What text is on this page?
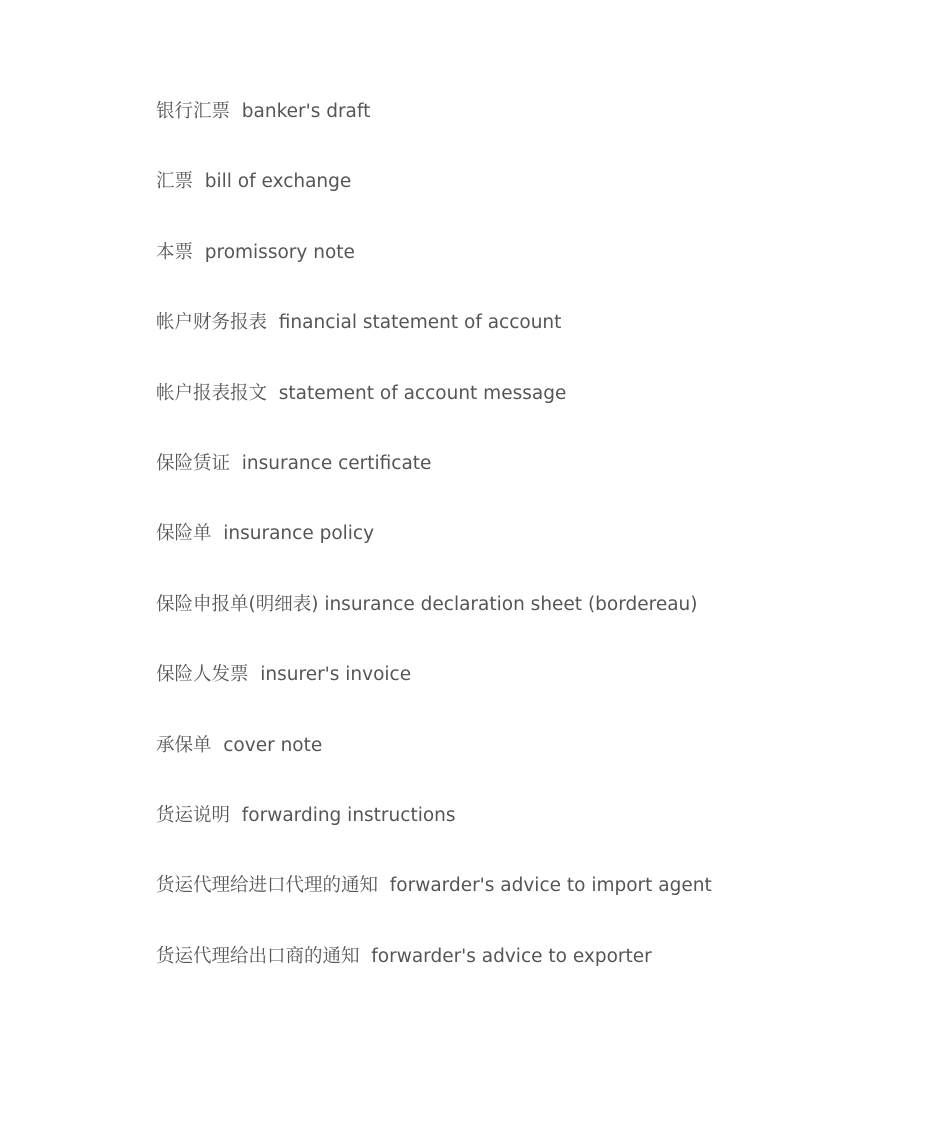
银行汇票  banker's draft
汇票  bill of exchange
本票  promissory note
帐户财务报表  financial statement of account
帐户报表报文  statement of account message
保险赁证  insurance certificate
保险单  insurance policy
保险申报单(明细表) insurance declaration sheet (bordereau)
保险人发票  insurer's invoice
承保单  cover note
货运说明  forwarding instructions
货运代理给进口代理的通知  forwarder's advice to import agent
货运代理给出口商的通知  forwarder's advice to exporter
